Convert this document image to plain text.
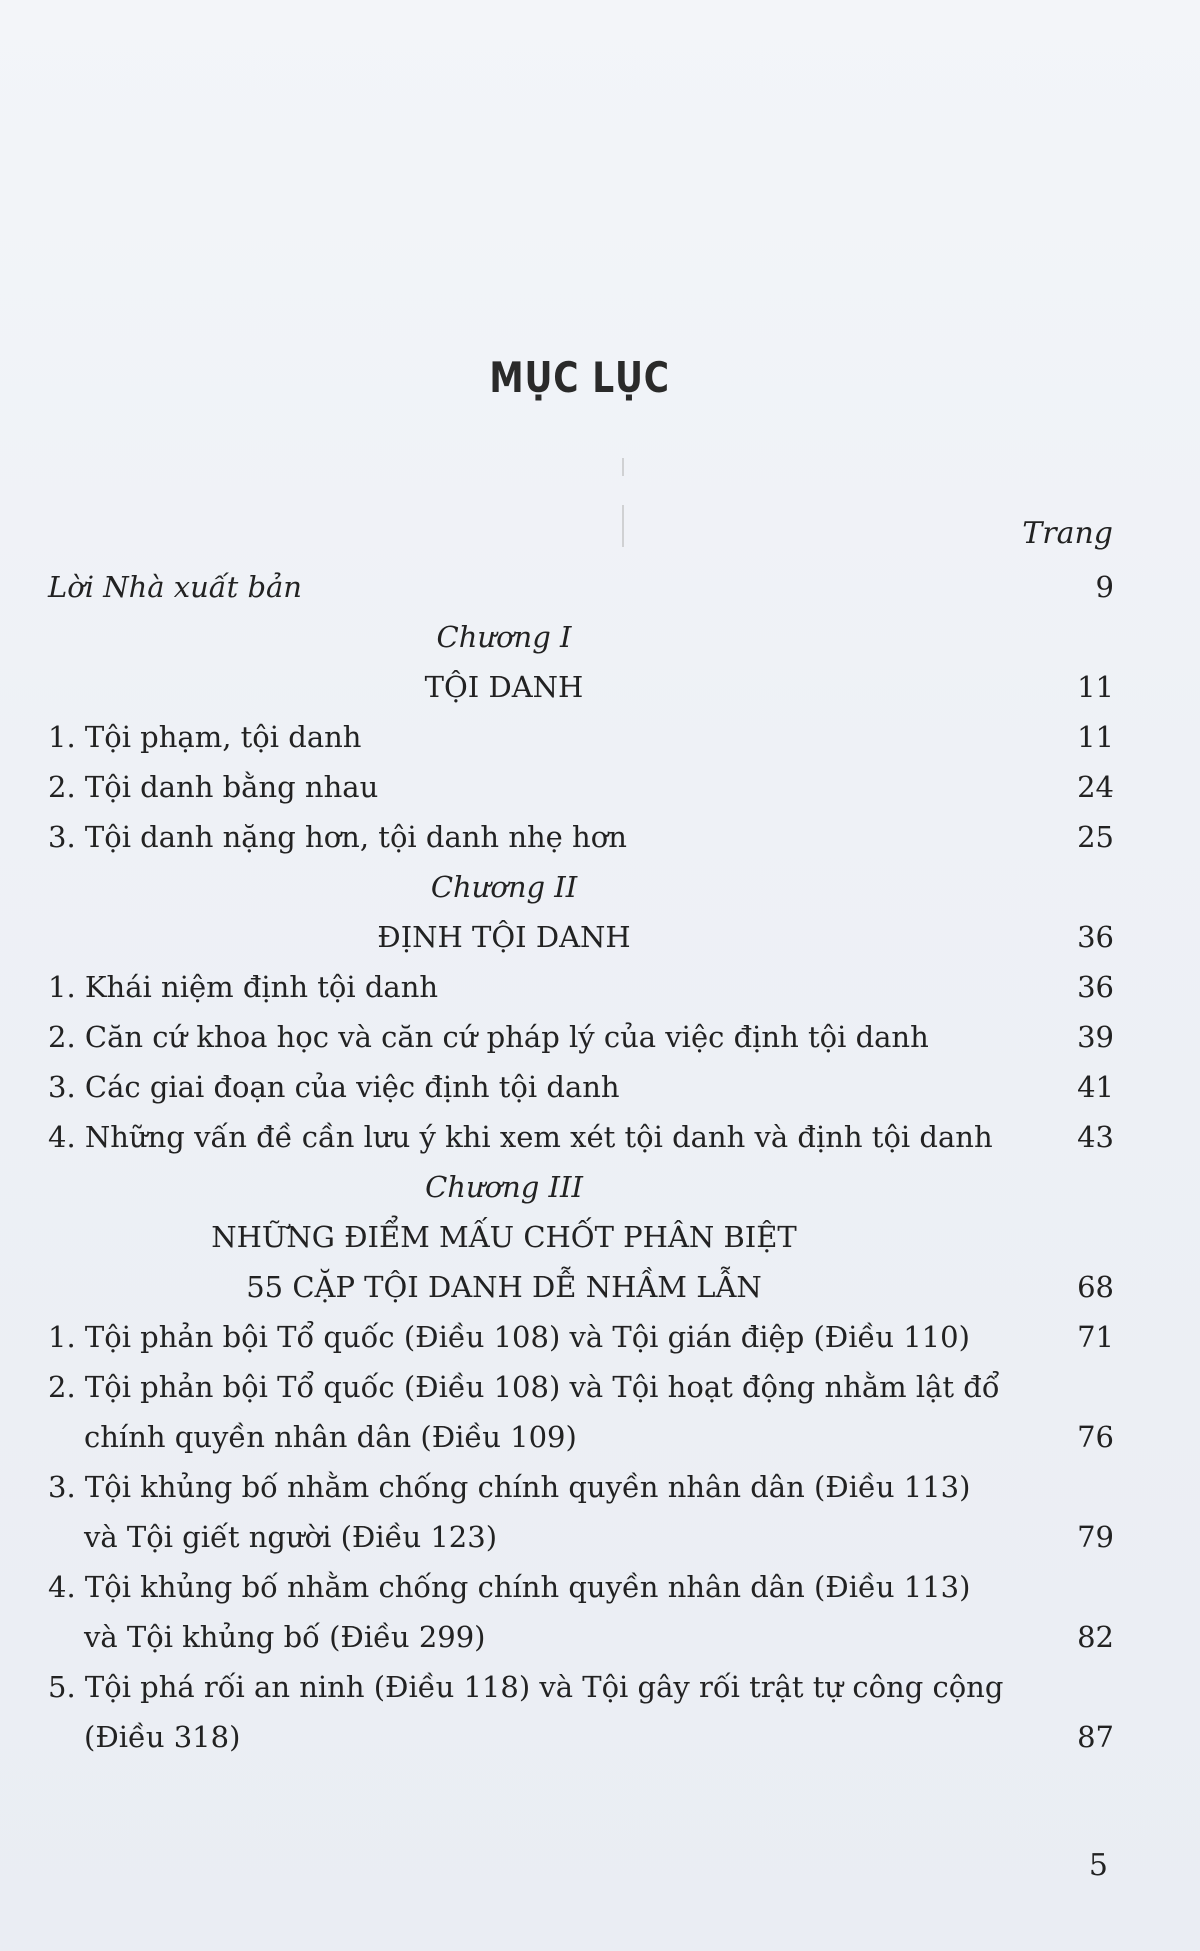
MỤC LỤC
Trang
Lời Nhà xuất bản	9
Chương I
TỘI DANH	11
1. Tội phạm, tội danh	11
2. Tội danh bằng nhau	24
3. Tội danh nặng hơn, tội danh nhẹ hơn	25
Chương II
ĐỊNH TỘI DANH	36
1. Khái niệm định tội danh	36
2. Căn cứ khoa học và căn cứ pháp lý của việc định tội danh	39
3. Các giai đoạn của việc định tội danh	41
4. Những vấn đề cần lưu ý khi xem xét tội danh và định tội danh	43
Chương III
NHỮNG ĐIỂM MẤU CHỐT PHÂN BIỆT
55 CẶP TỘI DANH DỄ NHẦM LẪN	68
1. Tội phản bội Tổ quốc (Điều 108) và Tội gián điệp (Điều 110)	71
2. Tội phản bội Tổ quốc (Điều 108) và Tội hoạt động nhằm lật đổ
chính quyền nhân dân (Điều 109)	76
3. Tội khủng bố nhằm chống chính quyền nhân dân (Điều 113)
và Tội giết người (Điều 123)	79
4. Tội khủng bố nhằm chống chính quyền nhân dân (Điều 113)
và Tội khủng bố (Điều 299)	82
5. Tội phá rối an ninh (Điều 118) và Tội gây rối trật tự công cộng
(Điều 318)	87
5
